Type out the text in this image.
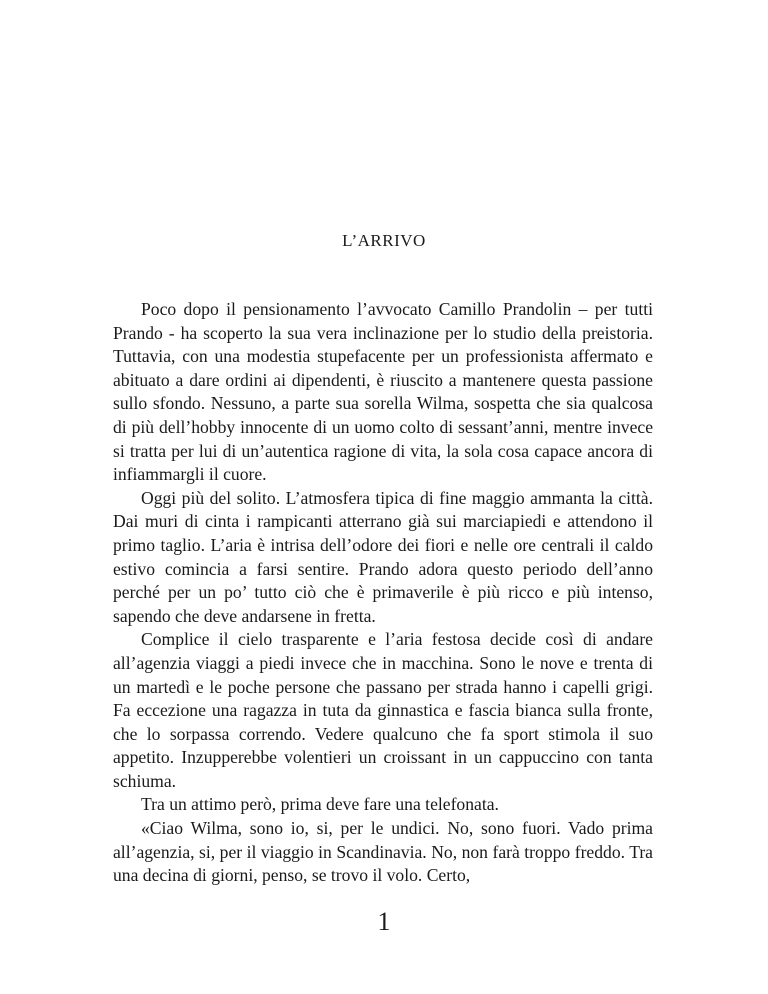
L’ARRIVO

Poco dopo il pensionamento l’avvocato Camillo Prandolin – per tutti Prando - ha scoperto la sua vera inclinazione per lo studio della preistoria. Tuttavia, con una modestia stupefacente per un professionista affermato e abituato a dare ordini ai dipendenti, è riuscito a mantenere questa passione sullo sfondo. Nessuno, a parte sua sorella Wilma, sospetta che sia qualcosa di più dell’hobby innocente di un uomo colto di sessant’anni, mentre invece si tratta per lui di un’autentica ragione di vita, la sola cosa capace ancora di infiammargli il cuore.

Oggi più del solito. L’atmosfera tipica di fine maggio ammanta la città. Dai muri di cinta i rampicanti atterrano già sui marciapiedi e attendono il primo taglio. L’aria è intrisa dell’odore dei fiori e nelle ore centrali il caldo estivo comincia a farsi sentire. Prando adora questo periodo dell’anno perché per un po’ tutto ciò che è primaverile è più ricco e più intenso, sapendo che deve andarsene in fretta.

Complice il cielo trasparente e l’aria festosa decide così di andare all’agenzia viaggi a piedi invece che in macchina. Sono le nove e trenta di un martedì e le poche persone che passano per strada hanno i capelli grigi. Fa eccezione una ragazza in tuta da ginnastica e fascia bianca sulla fronte, che lo sorpassa correndo. Vedere qualcuno che fa sport stimola il suo appetito. Inzupperebbe volentieri un croissant in un cappuccino con tanta schiuma.

Tra un attimo però, prima deve fare una telefonata.

«Ciao Wilma, sono io, si, per le undici. No, sono fuori. Vado prima all’agenzia, si, per il viaggio in Scandinavia. No, non farà troppo freddo. Tra una decina di giorni, penso, se trovo il volo. Certo,

1
